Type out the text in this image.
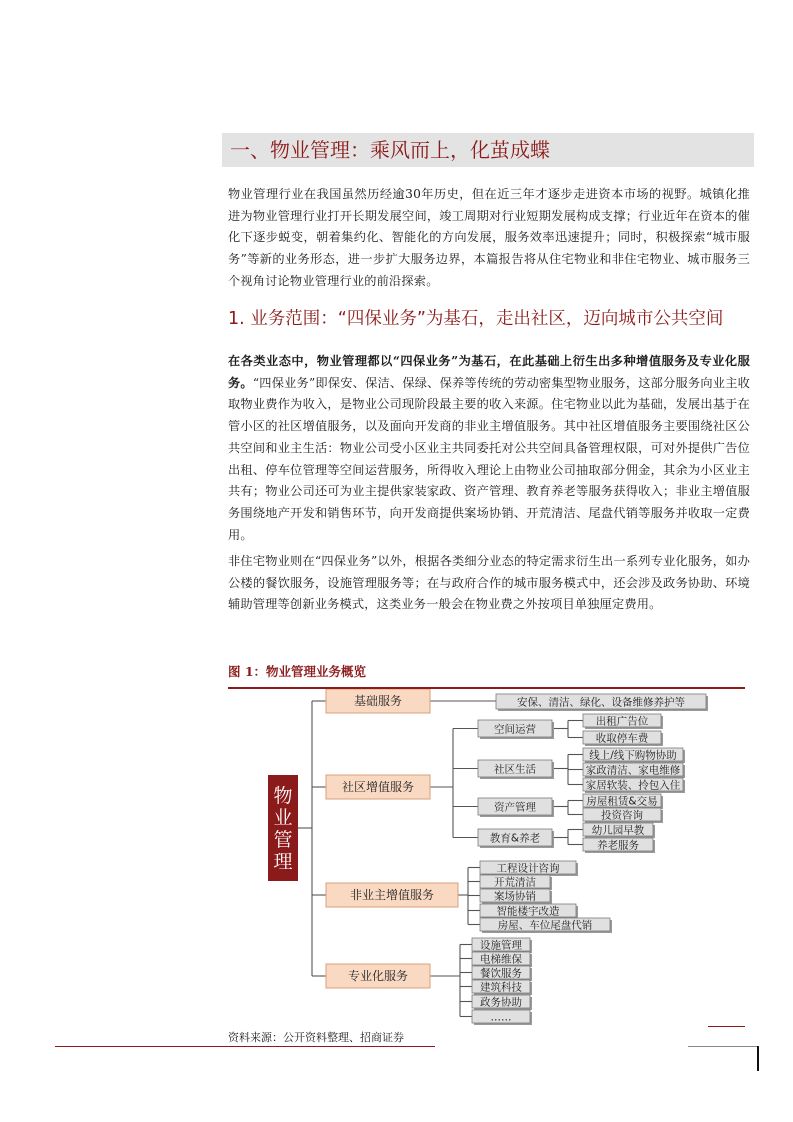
一、物业管理：乘风而上，化茧成蝶
物业管理行业在我国虽然历经逾30年历史，但在近三年才逐步走进资本市场的视野。城镇化推进为物业管理行业打开长期发展空间，竣工周期对行业短期发展构成支撑；行业近年在资本的催化下逐步蜕变，朝着集约化、智能化的方向发展，服务效率迅速提升；同时，积极探索“城市服务”等新的业务形态，进一步扩大服务边界，本篇报告将从住宅物业和非住宅物业、城市服务三个视角讨论物业管理行业的前沿探索。
1. 业务范围：“四保业务”为基石，走出社区，迈向城市公共空间
在各类业态中，物业管理都以“四保业务”为基石，在此基础上衍生出多种增值服务及专业化服务。“四保业务”即保安、保洁、保绿、保养等传统的劳动密集型物业服务，这部分服务向业主收取物业费作为收入，是物业公司现阶段最主要的收入来源。住宅物业以此为基础，发展出基于在管小区的社区增值服务，以及面向开发商的非业主增值服务。其中社区增值服务主要围绕社区公共空间和业主生活：物业公司受小区业主共同委托对公共空间具备管理权限，可对外提供广告位出租、停车位管理等空间运营服务，所得收入理论上由物业公司抽取部分佣金，其余为小区业主共有；物业公司还可为业主提供家装家政、资产管理、教育养老等服务获得收入；非业主增值服务围绕地产开发和销售环节，向开发商提供案场协销、开荒清洁、尾盘代销等服务并收取一定费用。
非住宅物业则在“四保业务”以外，根据各类细分业态的特定需求衍生出一系列专业化服务，如办公楼的餐饮服务，设施管理服务等；在与政府合作的城市服务模式中，还会涉及政务协助、环境辅助管理等创新业务模式，这类业务一般会在物业费之外按项目单独厘定费用。
图 1：物业管理业务概览
物
业
管
理
基础服务
社区增值服务
非业主增值服务
专业化服务
安保、清洁、绿化、设备维修养护等
空间运营
社区生活
资产管理
教育&养老
出租广告位
收取停车费
线上/线下购物协助
家政清洁、家电维修
家居软装、拎包入住
房屋租赁&交易
投资咨询
幼儿园早教
养老服务
工程设计咨询
开荒清洁
案场协销
智能楼宇改造
房屋、车位尾盘代销
设施管理
电梯维保
餐饮服务
建筑科技
政务协助
……
资料来源：公开资料整理、招商证券
